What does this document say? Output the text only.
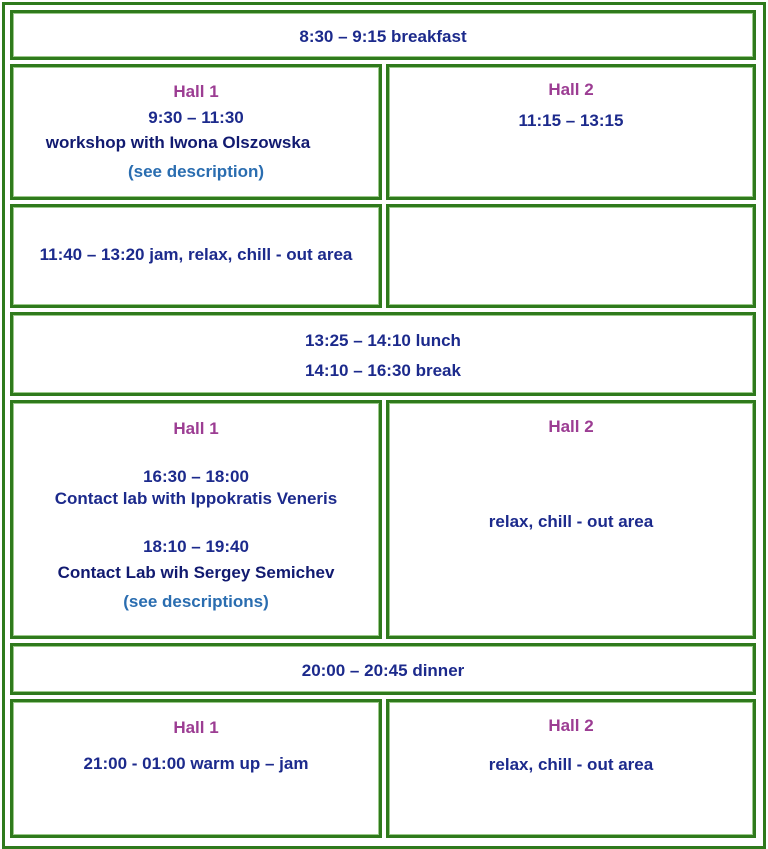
8:30 – 9:15 breakfast
Hall 1
9:30 – 11:30
workshop with Iwona Olszowska
(see description)
Hall 2
11:15 – 13:15
11:40 – 13:20 jam, relax, chill - out area
13:25 – 14:10 lunch
14:10 – 16:30 break
Hall 1
16:30 – 18:00
Contact lab with Ippokratis Veneris
18:10 – 19:40
Contact Lab wih Sergey Semichev
(see descriptions)
Hall 2
relax, chill - out area
20:00 – 20:45 dinner
Hall 1
21:00 - 01:00 warm up – jam
Hall 2
relax, chill - out area
